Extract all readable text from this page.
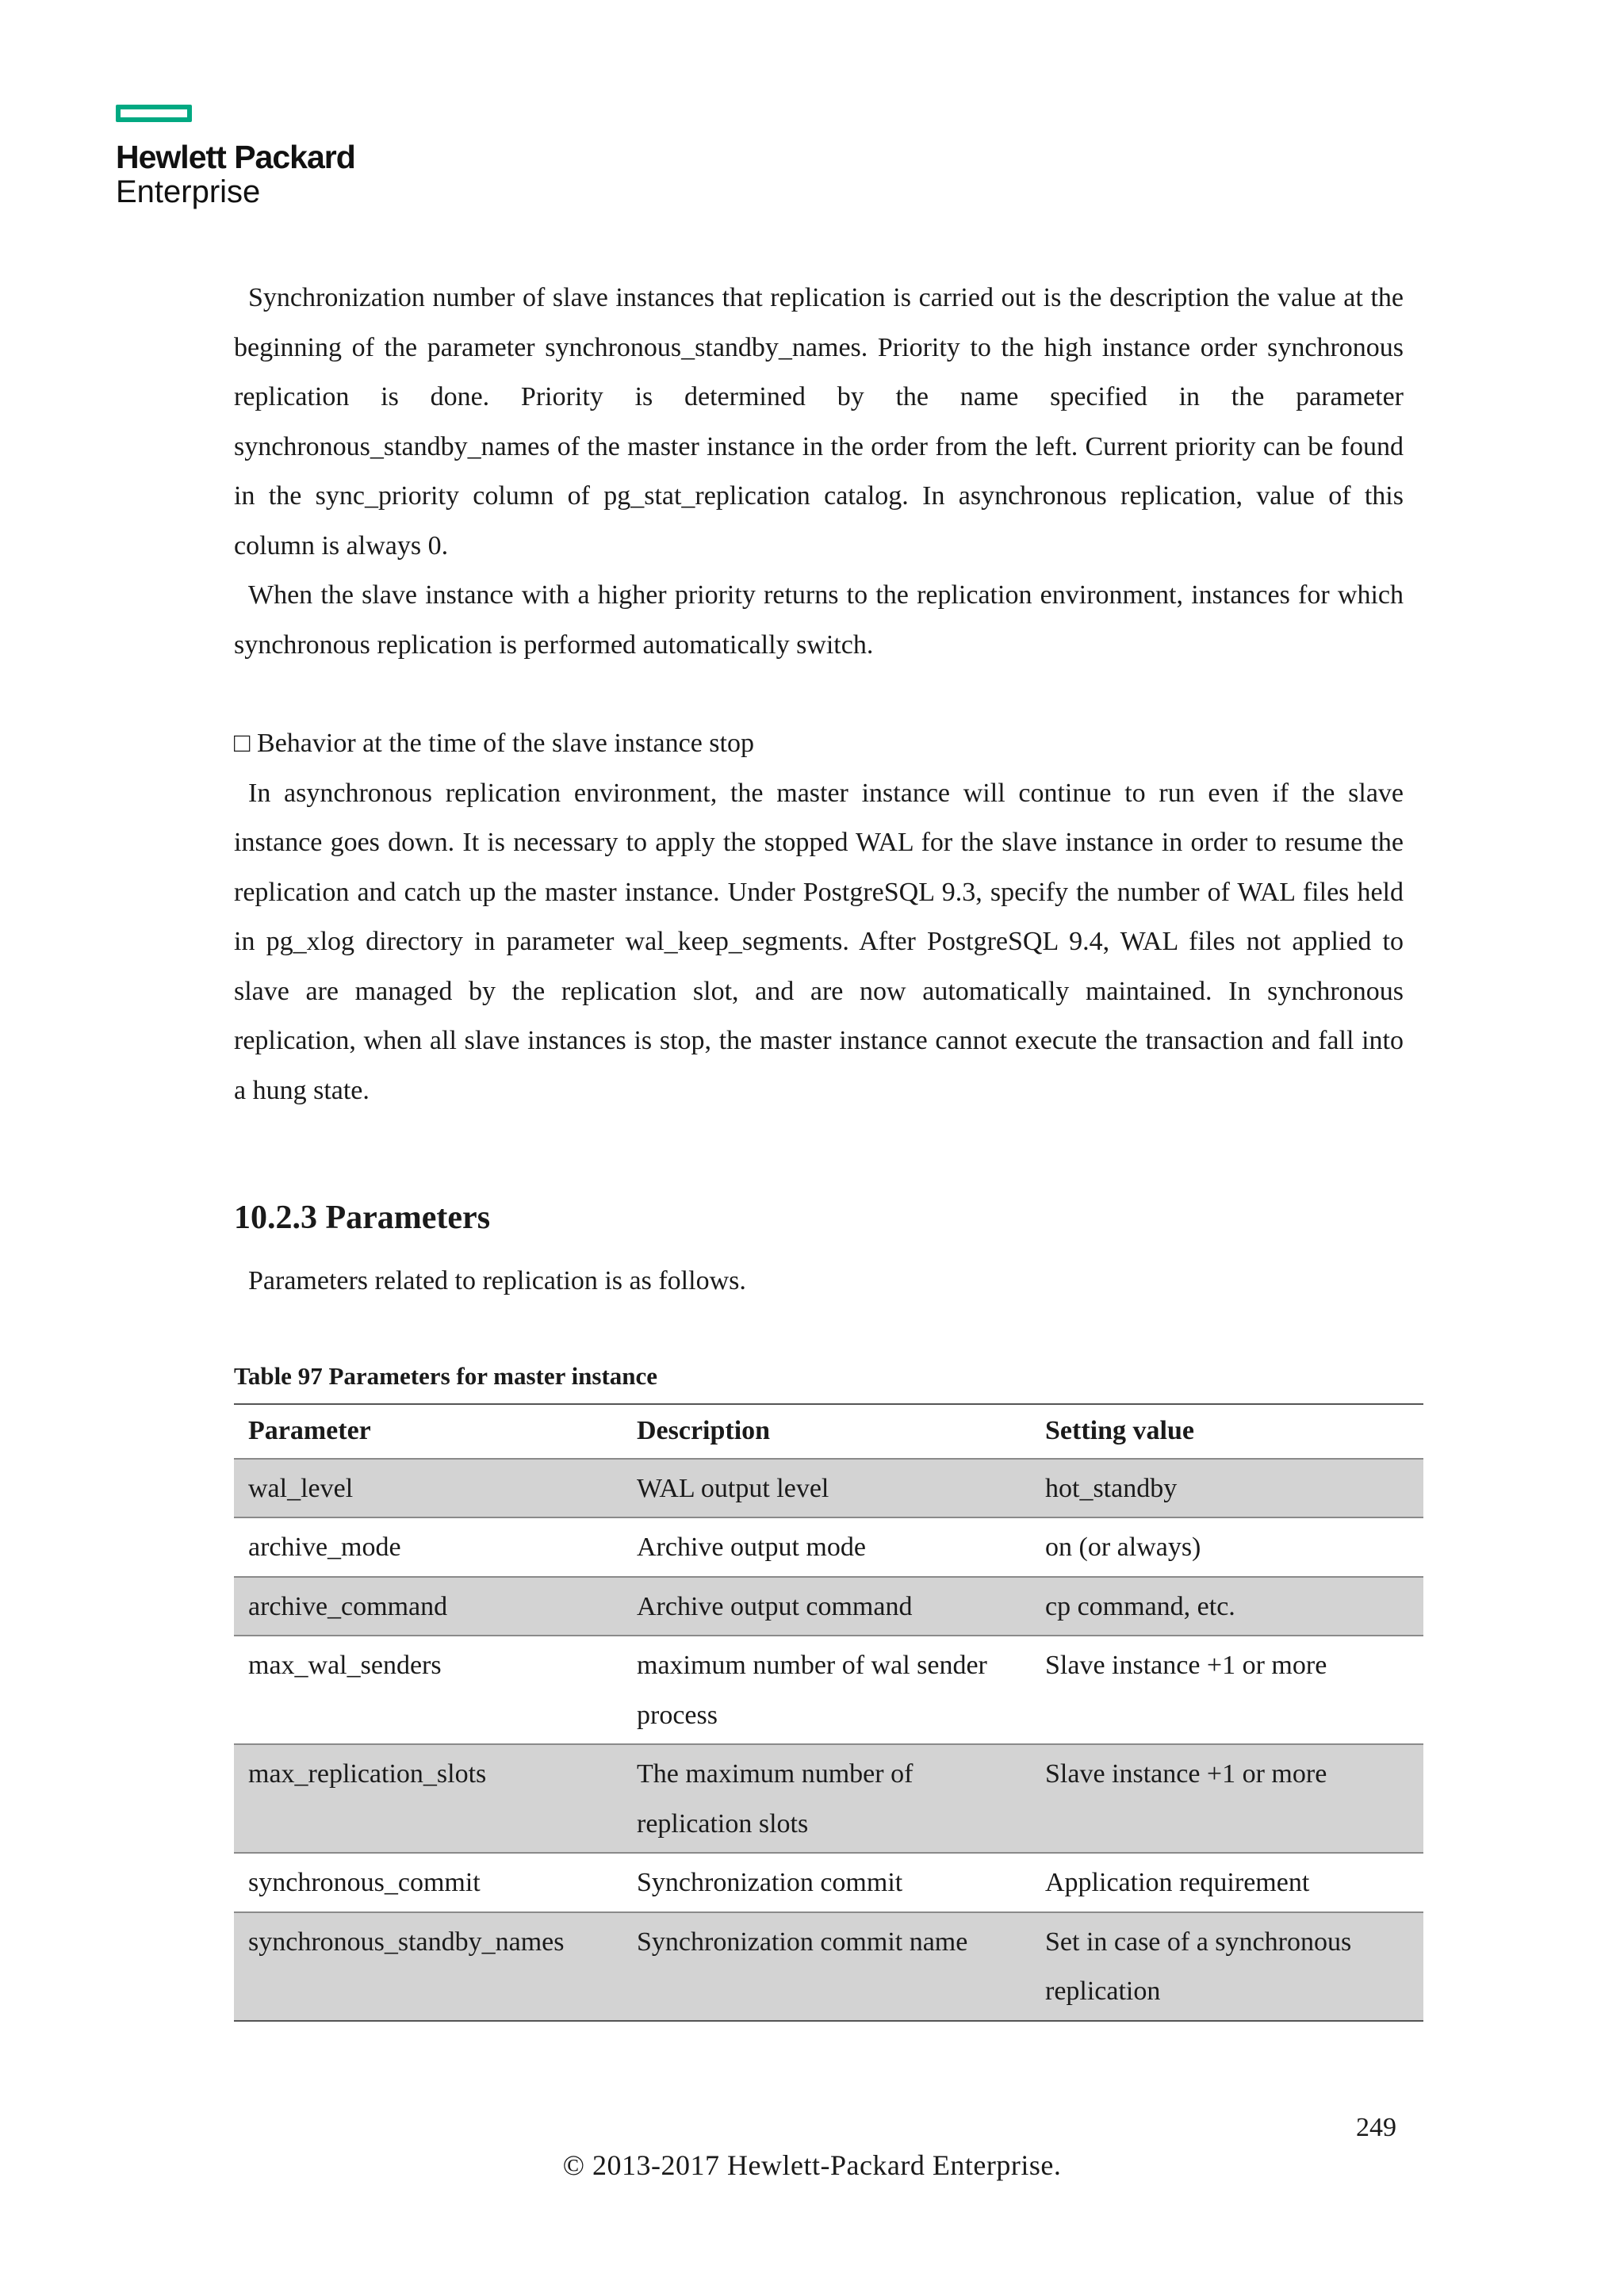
Hewlett Packard
Enterprise

Synchronization number of slave instances that replication is carried out is the description the value at the beginning of the parameter synchronous_standby_names. Priority to the high instance order synchronous replication is done. Priority is determined by the name specified in the parameter synchronous_standby_names of the master instance in the order from the left. Current priority can be found in the sync_priority column of pg_stat_replication catalog. In asynchronous replication, value of this column is always 0.

When the slave instance with a higher priority returns to the replication environment, instances for which synchronous replication is performed automatically switch.

□ Behavior at the time of the slave instance stop

In asynchronous replication environment, the master instance will continue to run even if the slave instance goes down. It is necessary to apply the stopped WAL for the slave instance in order to resume the replication and catch up the master instance. Under PostgreSQL 9.3, specify the number of WAL files held in pg_xlog directory in parameter wal_keep_segments. After PostgreSQL 9.4, WAL files not applied to slave are managed by the replication slot, and are now automatically maintained. In synchronous replication, when all slave instances is stop, the master instance cannot execute the transaction and fall into a hung state.

10.2.3 Parameters
Parameters related to replication is as follows.
Table 97 Parameters for master instance
Parameter	Description	Setting value
wal_level	WAL output level	hot_standby
archive_mode	Archive output mode	on (or always)
archive_command	Archive output command	cp command, etc.
max_wal_senders	maximum number of wal sender process	Slave instance +1 or more
max_replication_slots	The maximum number of replication slots	Slave instance +1 or more
synchronous_commit	Synchronization commit	Application requirement
synchronous_standby_names	Synchronization commit name	Set in case of a synchronous replication
249
© 2013-2017 Hewlett-Packard Enterprise.
